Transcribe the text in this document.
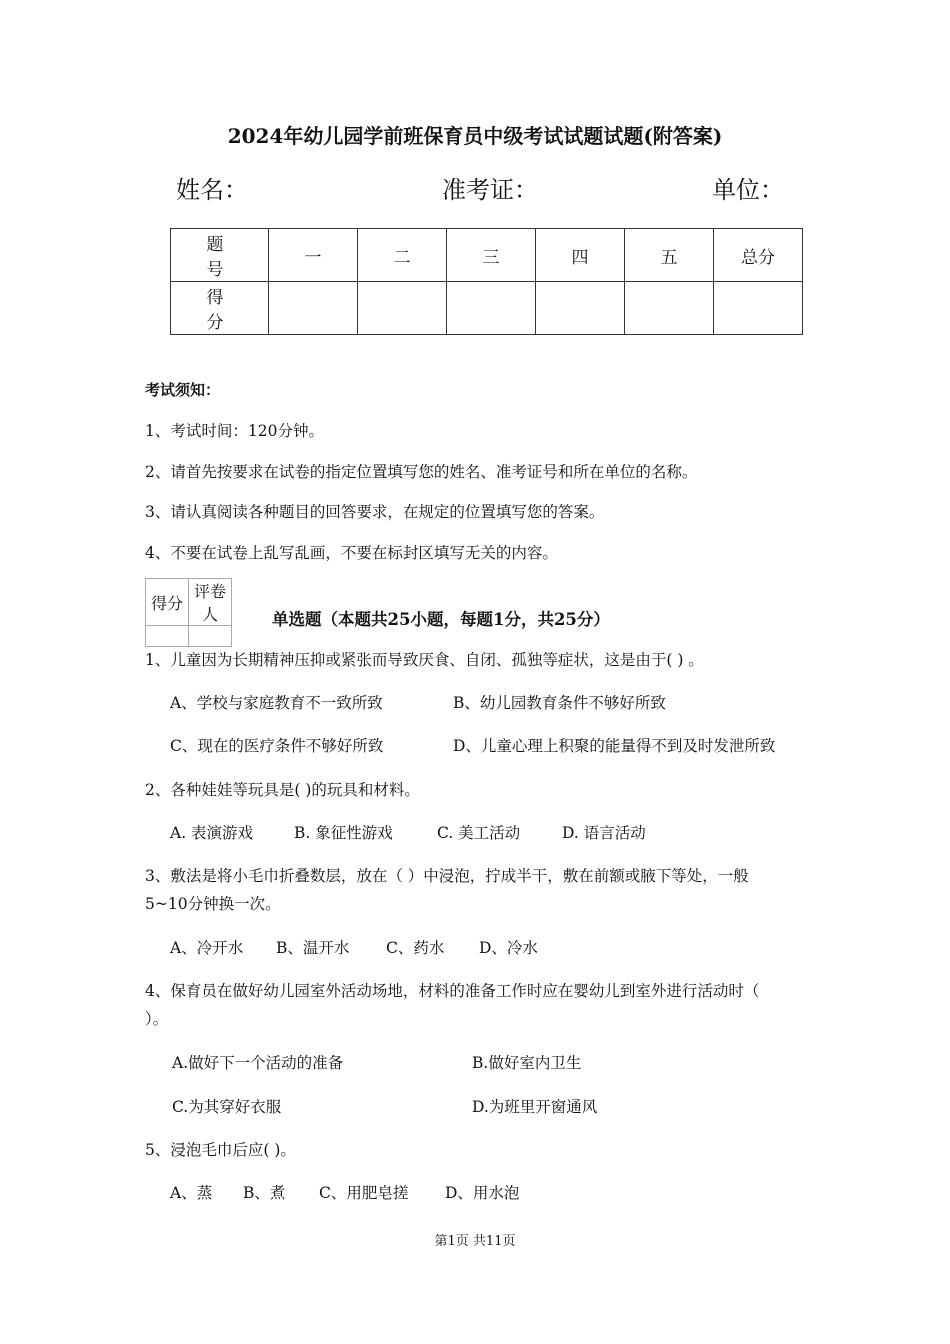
2024年幼儿园学前班保育员中级考试试题试题(附答案)
姓名：	准考证：	单位：
题 号	一	二	三	四	五	总分
得 分						
考试须知：
1、考试时间：120分钟。
2、请首先按要求在试卷的指定位置填写您的姓名、准考证号和所在单位的名称。
3、请认真阅读各种题目的回答要求，在规定的位置填写您的答案。
4、不要在试卷上乱写乱画，不要在标封区填写无关的内容。
得分	评卷人
		单选题（本题共25小题，每题1分，共25分）
1、儿童因为长期精神压抑或紧张而导致厌食、自闭、孤独等症状，这是由于( ) 。
A、学校与家庭教育不一致所致	B、幼儿园教育条件不够好所致
C、现在的医疗条件不够好所致	D、儿童心理上积聚的能量得不到及时发泄所致
2、各种娃娃等玩具是( )的玩具和材料。
A. 表演游戏	B. 象征性游戏	C. 美工活动	D. 语言活动
3、敷法是将小毛巾折叠数层，放在（ ）中浸泡，拧成半干，敷在前额或腋下等处，一般
5~10分钟换一次。
A、冷开水 B、温开水 C、药水 D、冷水
4、保育员在做好幼儿园室外活动场地，材料的准备工作时应在婴幼儿到室外进行活动时（
）。
A.做好下一个活动的准备	B.做好室内卫生
C.为其穿好衣服	D.为班里开窗通风
5、浸泡毛巾后应( )。
A、蒸 B、煮 C、用肥皂搓 D、用水泡
第1页 共11页
